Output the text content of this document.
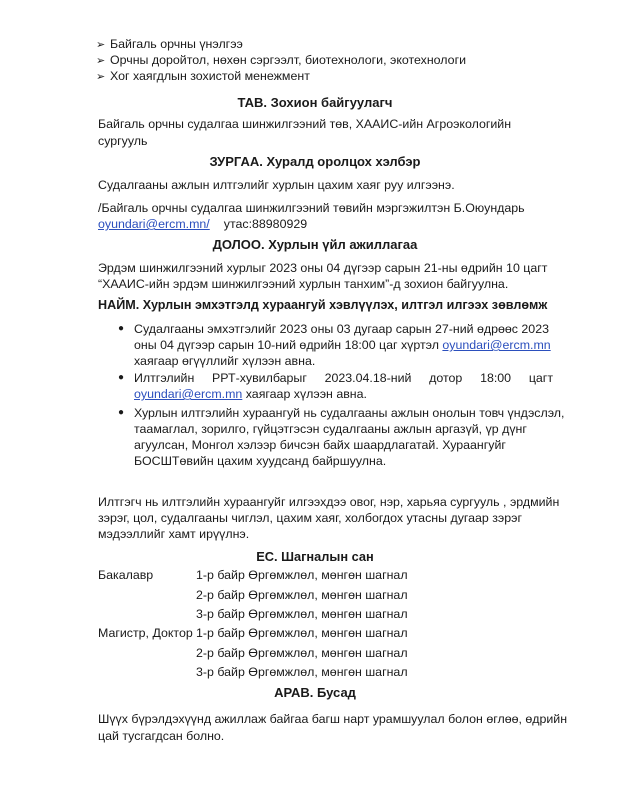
➢ Байгаль орчны үнэлгээ
➢ Орчны доройтол, нөхөн сэргээлт, биотехнологи, экотехнологи
➢ Хог хаягдлын зохистой менежмент
ТАВ. Зохион байгуулагч
Байгаль орчны судалгаа шинжилгээний төв, ХААИС-ийн Агроэкологийн
сургууль
ЗУРГАА. Хуралд оролцох хэлбэр
Судалгааны ажлын илтгэлийг хурлын цахим хаяг руу илгээнэ.
/Байгаль орчны судалгаа шинжилгээний төвийн мэргэжилтэн Б.Оюундарь
oyundari@ercm.mn/ утас:88980929
ДОЛОО. Хурлын үйл ажиллагаа
Эрдэм шинжилгээний хурлыг 2023 оны 04 дүгээр сарын 21-ны өдрийн 10 цагт
“ХААИС-ийн эрдэм шинжилгээний хурлын танхим”-д зохион байгуулна.
НАЙМ. Хурлын эмхэтгэлд хураангуй хэвлүүлэх, илтгэл илгээх зөвлөмж
● Судалгааны эмхэтгэлийг 2023 оны 03 дугаар сарын 27-ний өдрөөс 2023
оны 04 дүгээр сарын 10-ний өдрийн 18:00 цаг хүртэл oyundari@ercm.mn
хаягаар өгүүллийг хүлээн авна.
● Илтгэлийн РРТ-хувилбарыг 2023.04.18-ний дотор 18:00 цагт
oyundari@ercm.mn хаягаар хүлээн авна.
● Хурлын илтгэлийн хураангуй нь судалгааны ажлын онолын товч үндэслэл,
таамаглал, зорилго, гүйцэтгэсэн судалгааны ажлын аргазүй, үр дүнг
агуулсан, Монгол хэлээр бичсэн байх шаардлагатай. Хураангуйг
БОСШТөвийн цахим хуудсанд байршуулна.
Илтгэгч нь илтгэлийн хураангуйг илгээхдээ овог, нэр, харьяа сургууль , эрдмийн
зэрэг, цол, судалгааны чиглэл, цахим хаяг, холбогдох утасны дугаар зэрэг
мэдээллийг хамт ирүүлнэ.
ЕС. Шагналын сан
Бакалавр	1-р байр Өргөмжлөл, мөнгөн шагнал
2-р байр Өргөмжлөл, мөнгөн шагнал
3-р байр Өргөмжлөл, мөнгөн шагнал
Магистр, Доктор 1-р байр Өргөмжлөл, мөнгөн шагнал
2-р байр Өргөмжлөл, мөнгөн шагнал
3-р байр Өргөмжлөл, мөнгөн шагнал
АРАВ. Бусад
Шүүх бүрэлдэхүүнд ажиллаж байгаа багш нарт урамшуулал болон өглөө, өдрийн
цай тусгагдсан болно.
